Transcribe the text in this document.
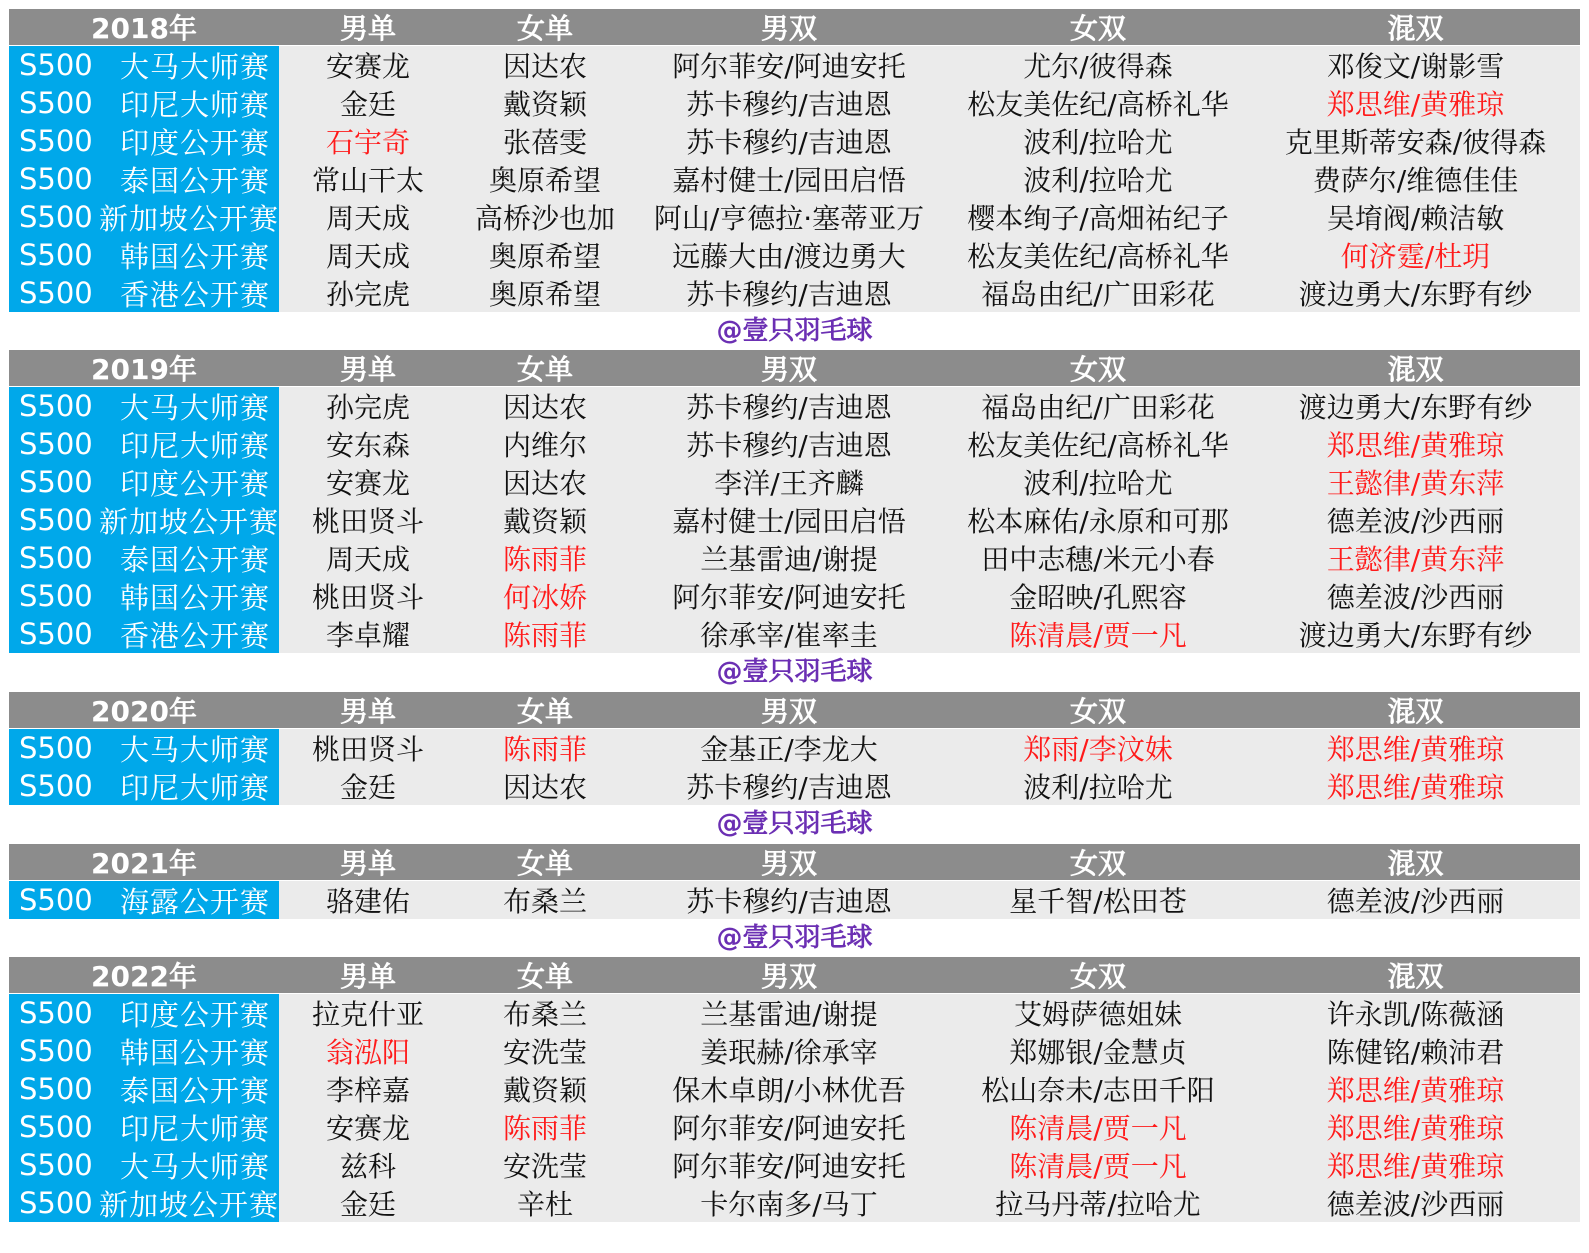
2018年	男单	女单	男双	女双	混双
S500 大马大师赛	安赛龙	因达农	阿尔菲安/阿迪安托	尤尔/彼得森	邓俊文/谢影雪
S500 印尼大师赛	金廷	戴资颖	苏卡穆约/吉迪恩	松友美佐纪/高桥礼华	郑思维/黄雅琼
S500 印度公开赛	石宇奇	张蓓雯	苏卡穆约/吉迪恩	波利/拉哈尤	克里斯蒂安森/彼得森
S500 泰国公开赛	常山干太	奥原希望	嘉村健士/园田启悟	波利/拉哈尤	费萨尔/维德佳佳
S500 新加坡公开赛	周天成	高桥沙也加	阿山/亨德拉·塞蒂亚万	樱本绚子/高畑祐纪子	吴堉阀/赖洁敏
S500 韩国公开赛	周天成	奥原希望	远藤大由/渡边勇大	松友美佐纪/高桥礼华	何济霆/杜玥
S500 香港公开赛	孙完虎	奥原希望	苏卡穆约/吉迪恩	福岛由纪/广田彩花	渡边勇大/东野有纱
2019年	男单	女单	男双	女双	混双
S500 大马大师赛	孙完虎	因达农	苏卡穆约/吉迪恩	福岛由纪/广田彩花	渡边勇大/东野有纱
S500 印尼大师赛	安东森	内维尔	苏卡穆约/吉迪恩	松友美佐纪/高桥礼华	郑思维/黄雅琼
S500 印度公开赛	安赛龙	因达农	李洋/王齐麟	波利/拉哈尤	王懿律/黄东萍
S500 新加坡公开赛	桃田贤斗	戴资颖	嘉村健士/园田启悟	松本麻佑/永原和可那	德差波/沙西丽
S500 泰国公开赛	周天成	陈雨菲	兰基雷迪/谢提	田中志穗/米元小春	王懿律/黄东萍
S500 韩国公开赛	桃田贤斗	何冰娇	阿尔菲安/阿迪安托	金昭映/孔熙容	德差波/沙西丽
S500 香港公开赛	李卓耀	陈雨菲	徐承宰/崔率圭	陈清晨/贾一凡	渡边勇大/东野有纱
2020年	男单	女单	男双	女双	混双
S500 大马大师赛	桃田贤斗	陈雨菲	金基正/李龙大	郑雨/李汶妹	郑思维/黄雅琼
S500 印尼大师赛	金廷	因达农	苏卡穆约/吉迪恩	波利/拉哈尤	郑思维/黄雅琼
2021年	男单	女单	男双	女双	混双
S500 海露公开赛	骆建佑	布桑兰	苏卡穆约/吉迪恩	星千智/松田苍	德差波/沙西丽
2022年	男单	女单	男双	女双	混双
S500 印度公开赛	拉克什亚	布桑兰	兰基雷迪/谢提	艾姆萨德姐妹	许永凯/陈薇涵
S500 韩国公开赛	翁泓阳	安洗莹	姜珉赫/徐承宰	郑娜银/金慧贞	陈健铭/赖沛君
S500 泰国公开赛	李梓嘉	戴资颖	保木卓朗/小林优吾	松山奈未/志田千阳	郑思维/黄雅琼
S500 印尼大师赛	安赛龙	陈雨菲	阿尔菲安/阿迪安托	陈清晨/贾一凡	郑思维/黄雅琼
S500 大马大师赛	兹科	安洗莹	阿尔菲安/阿迪安托	陈清晨/贾一凡	郑思维/黄雅琼
S500 新加坡公开赛	金廷	辛杜	卡尔南多/马丁	拉马丹蒂/拉哈尤	德差波/沙西丽
@壹只羽毛球
@壹只羽毛球
@壹只羽毛球
@壹只羽毛球
